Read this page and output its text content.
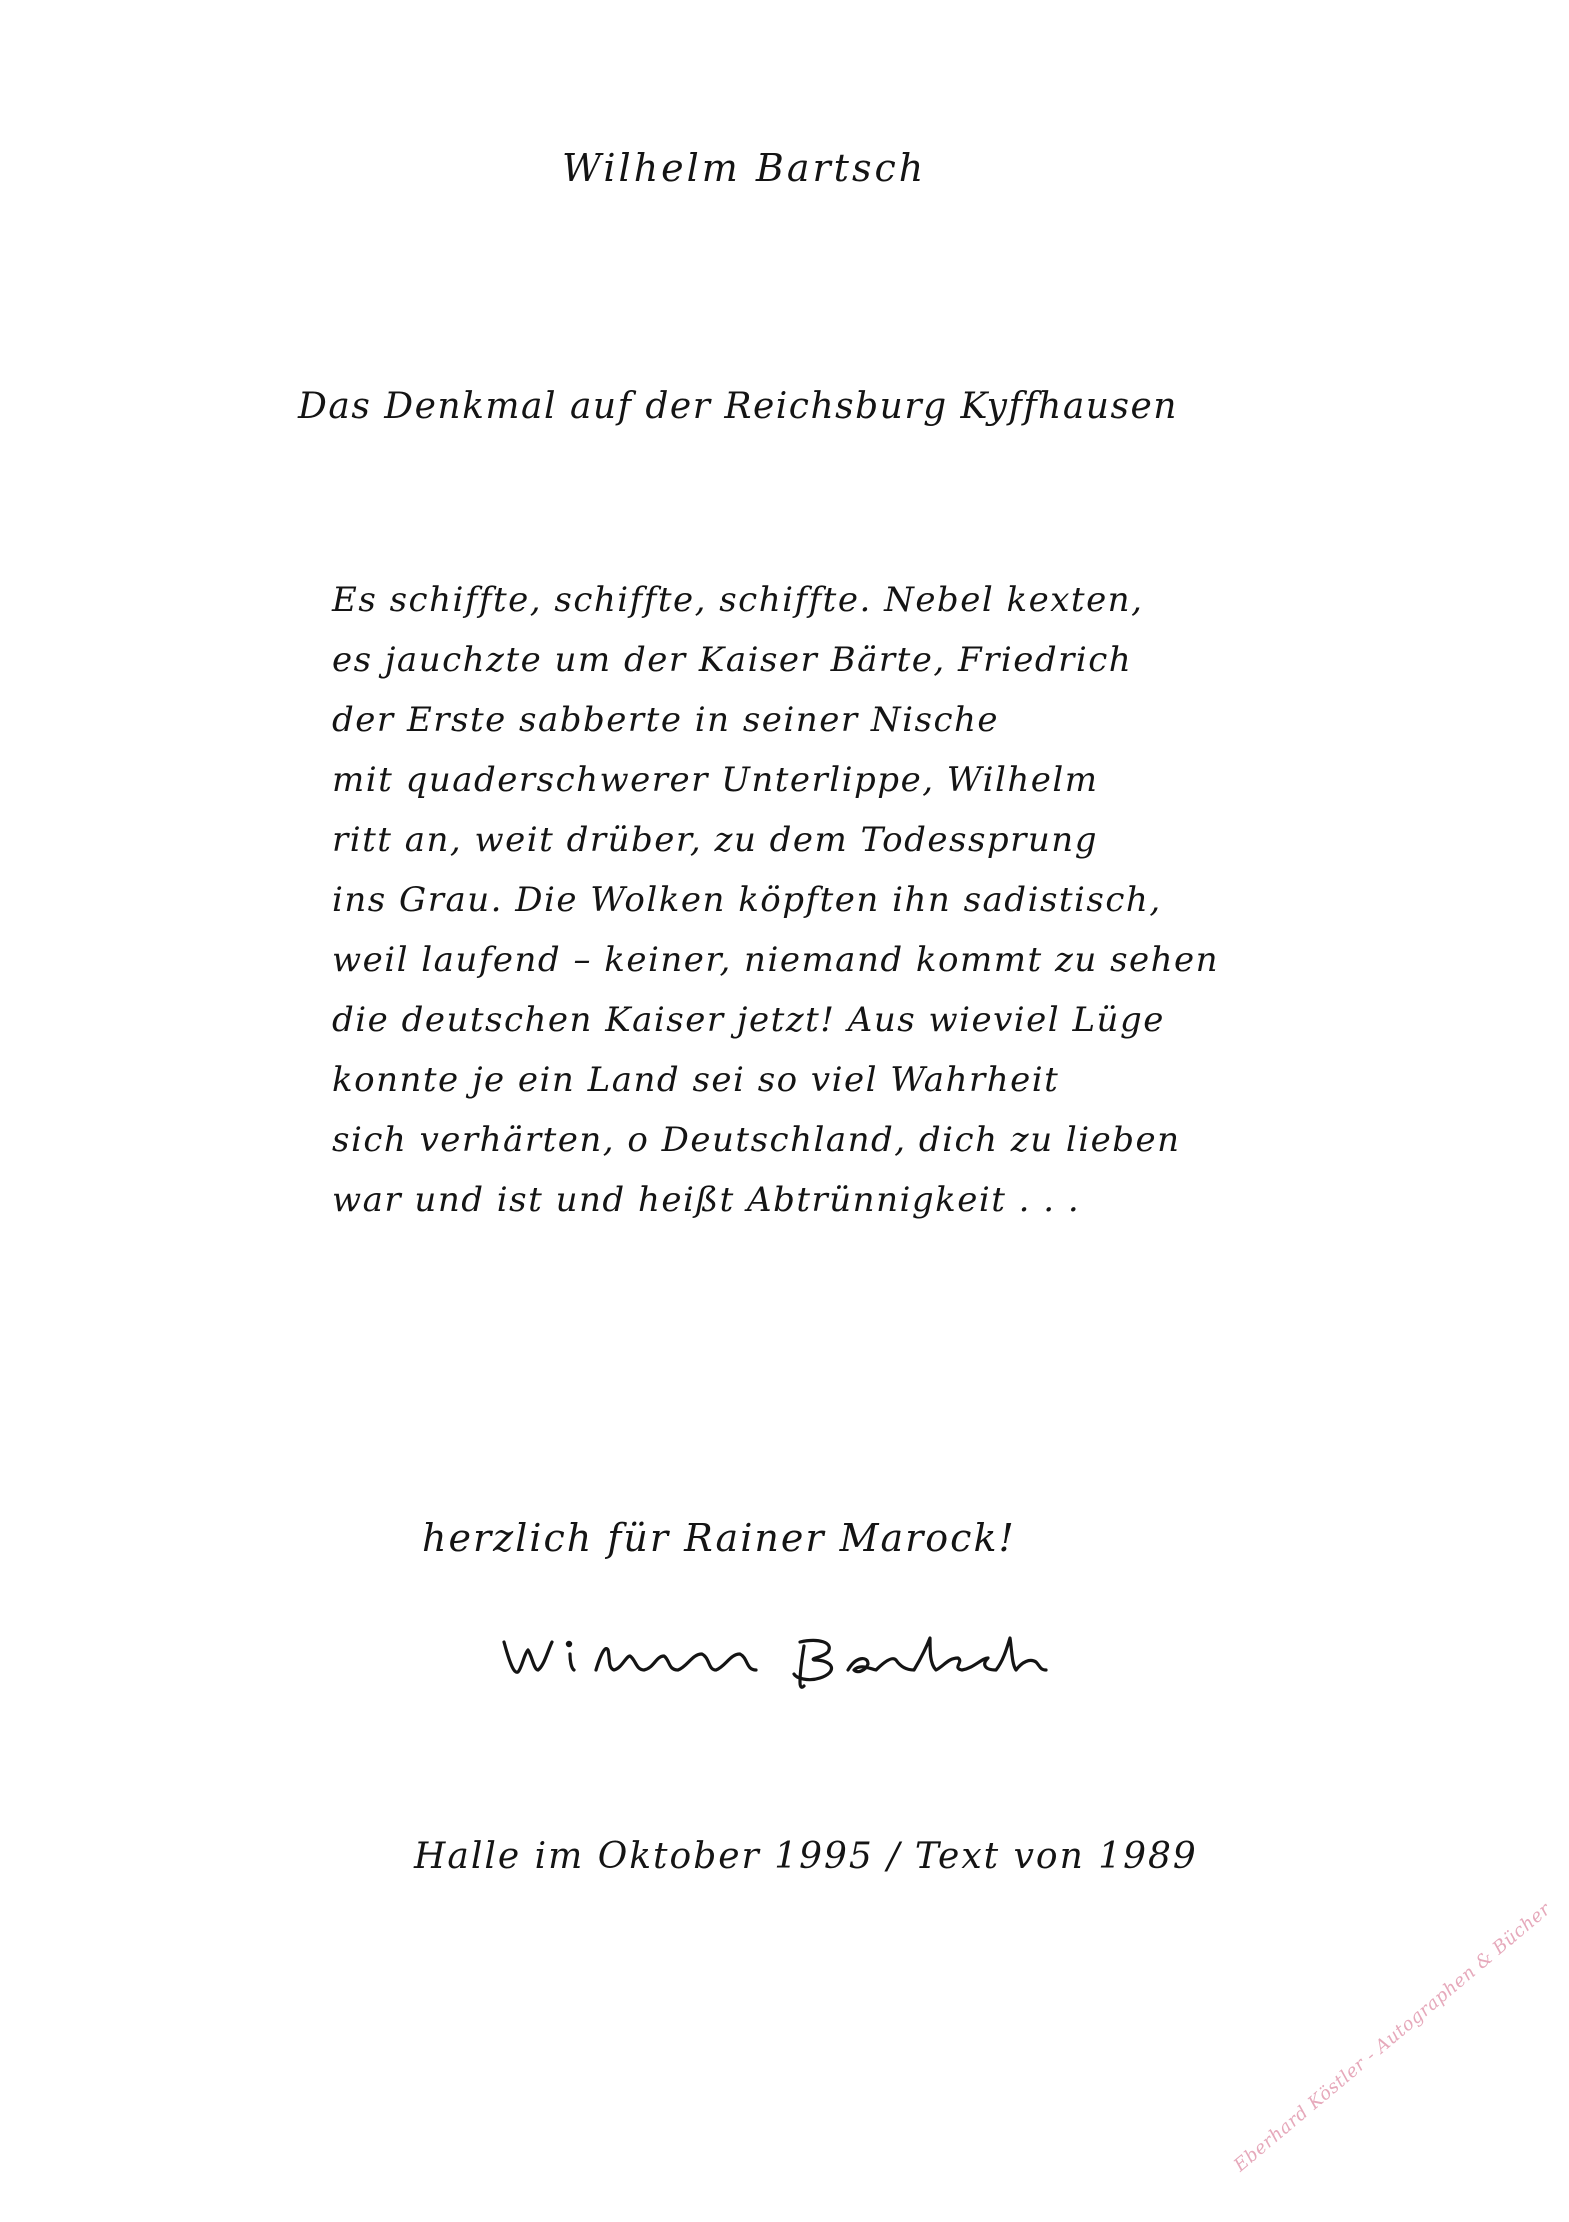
Wilhelm Bartsch
Das Denkmal auf der Reichsburg Kyffhausen
Es schiffte, schiffte, schiffte. Nebel kexten,
es jauchzte um der Kaiser Bärte, Friedrich
der Erste sabberte in seiner Nische
mit quaderschwerer Unterlippe, Wilhelm
ritt an, weit drüber, zu dem Todessprung
ins Grau. Die Wolken köpften ihn sadistisch,
weil laufend – keiner, niemand kommt zu sehen
die deutschen Kaiser jetzt! Aus wieviel Lüge
konnte je ein Land sei so viel Wahrheit
sich verhärten, o Deutschland, dich zu lieben
war und ist und heißt Abtrünnigkeit . . .
herzlich für Rainer Marock!
Halle im Oktober 1995 / Text von 1989
Eberhard Köstler - Autographen & Bücher
